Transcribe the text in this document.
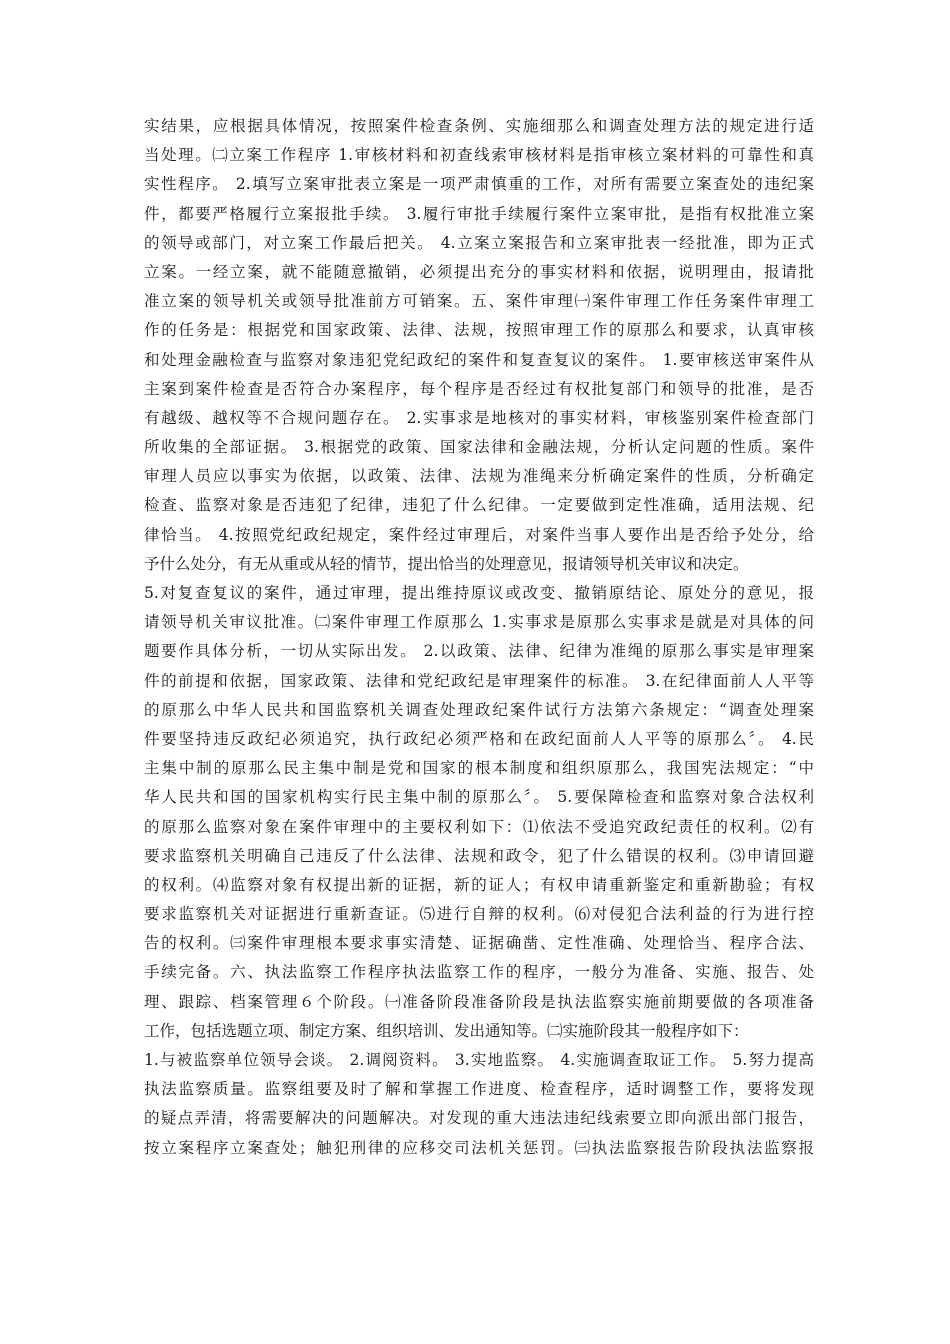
实结果，应根据具体情况，按照案件检查条例、实施细那么和调查处理方法的规定进行适
当处理。㈡立案工作程序 1.审核材料和初查线索审核材料是指审核立案材料的可靠性和真
实性程序。 2.填写立案审批表立案是一项严肃慎重的工作，对所有需要立案查处的违纪案
件，都要严格履行立案报批手续。 3.履行审批手续履行案件立案审批，是指有权批准立案
的领导或部门，对立案工作最后把关。 4.立案立案报告和立案审批表一经批准，即为正式
立案。一经立案，就不能随意撤销，必须提出充分的事实材料和依据，说明理由，报请批
准立案的领导机关或领导批准前方可销案。五、案件审理㈠案件审理工作任务案件审理工
作的任务是：根据党和国家政策、法律、法规，按照审理工作的原那么和要求，认真审核
和处理金融检查与监察对象违犯党纪政纪的案件和复查复议的案件。 1.要审核送审案件从
主案到案件检查是否符合办案程序，每个程序是否经过有权批复部门和领导的批准，是否
有越级、越权等不合规问题存在。 2.实事求是地核对的事实材料，审核鉴别案件检查部门
所收集的全部证据。 3.根据党的政策、国家法律和金融法规，分析认定问题的性质。案件
审理人员应以事实为依据，以政策、法律、法规为准绳来分析确定案件的性质，分析确定
检查、监察对象是否违犯了纪律，违犯了什么纪律。一定要做到定性准确，适用法规、纪
律恰当。 4.按照党纪政纪规定，案件经过审理后，对案件当事人要作出是否给予处分，给
予什么处分，有无从重或从轻的情节，提出恰当的处理意见，报请领导机关审议和决定。
5.对复查复议的案件，通过审理，提出维持原议或改变、撤销原结论、原处分的意见，报
请领导机关审议批准。㈡案件审理工作原那么 1.实事求是原那么实事求是就是对具体的问
题要作具体分析，一切从实际出发。 2.以政策、法律、纪律为准绳的原那么事实是审理案
件的前提和依据，国家政策、法律和党纪政纪是审理案件的标准。 3.在纪律面前人人平等
的原那么中华人民共和国监察机关调查处理政纪案件试行方法第六条规定：“调查处理案
件要坚持违反政纪必须追究，执行政纪必须严格和在政纪面前人人平等的原那么〞。 4.民
主集中制的原那么民主集中制是党和国家的根本制度和组织原那么，我国宪法规定：“中
华人民共和国的国家机构实行民主集中制的原那么〞。 5.要保障检查和监察对象合法权利
的原那么监察对象在案件审理中的主要权利如下：⑴依法不受追究政纪责任的权利。⑵有
要求监察机关明确自己违反了什么法律、法规和政令，犯了什么错误的权利。⑶申请回避
的权利。⑷监察对象有权提出新的证据，新的证人；有权申请重新鉴定和重新勘验；有权
要求监察机关对证据进行重新查证。⑸进行自辩的权利。⑹对侵犯合法利益的行为进行控
告的权利。㈢案件审理根本要求事实清楚、证据确凿、定性准确、处理恰当、程序合法、
手续完备。六、执法监察工作程序执法监察工作的程序，一般分为准备、实施、报告、处
理、跟踪、档案管理６个阶段。㈠准备阶段准备阶段是执法监察实施前期要做的各项准备
工作，包括选题立项、制定方案、组织培训、发出通知等。㈡实施阶段其一般程序如下：
1.与被监察单位领导会谈。 2.调阅资料。 3.实地监察。 4.实施调查取证工作。 5.努力提高
执法监察质量。监察组要及时了解和掌握工作进度、检查程序，适时调整工作，要将发现
的疑点弄清，将需要解决的问题解决。对发现的重大违法违纪线索要立即向派出部门报告，
按立案程序立案查处；触犯刑律的应移交司法机关惩罚。㈢执法监察报告阶段执法监察报
